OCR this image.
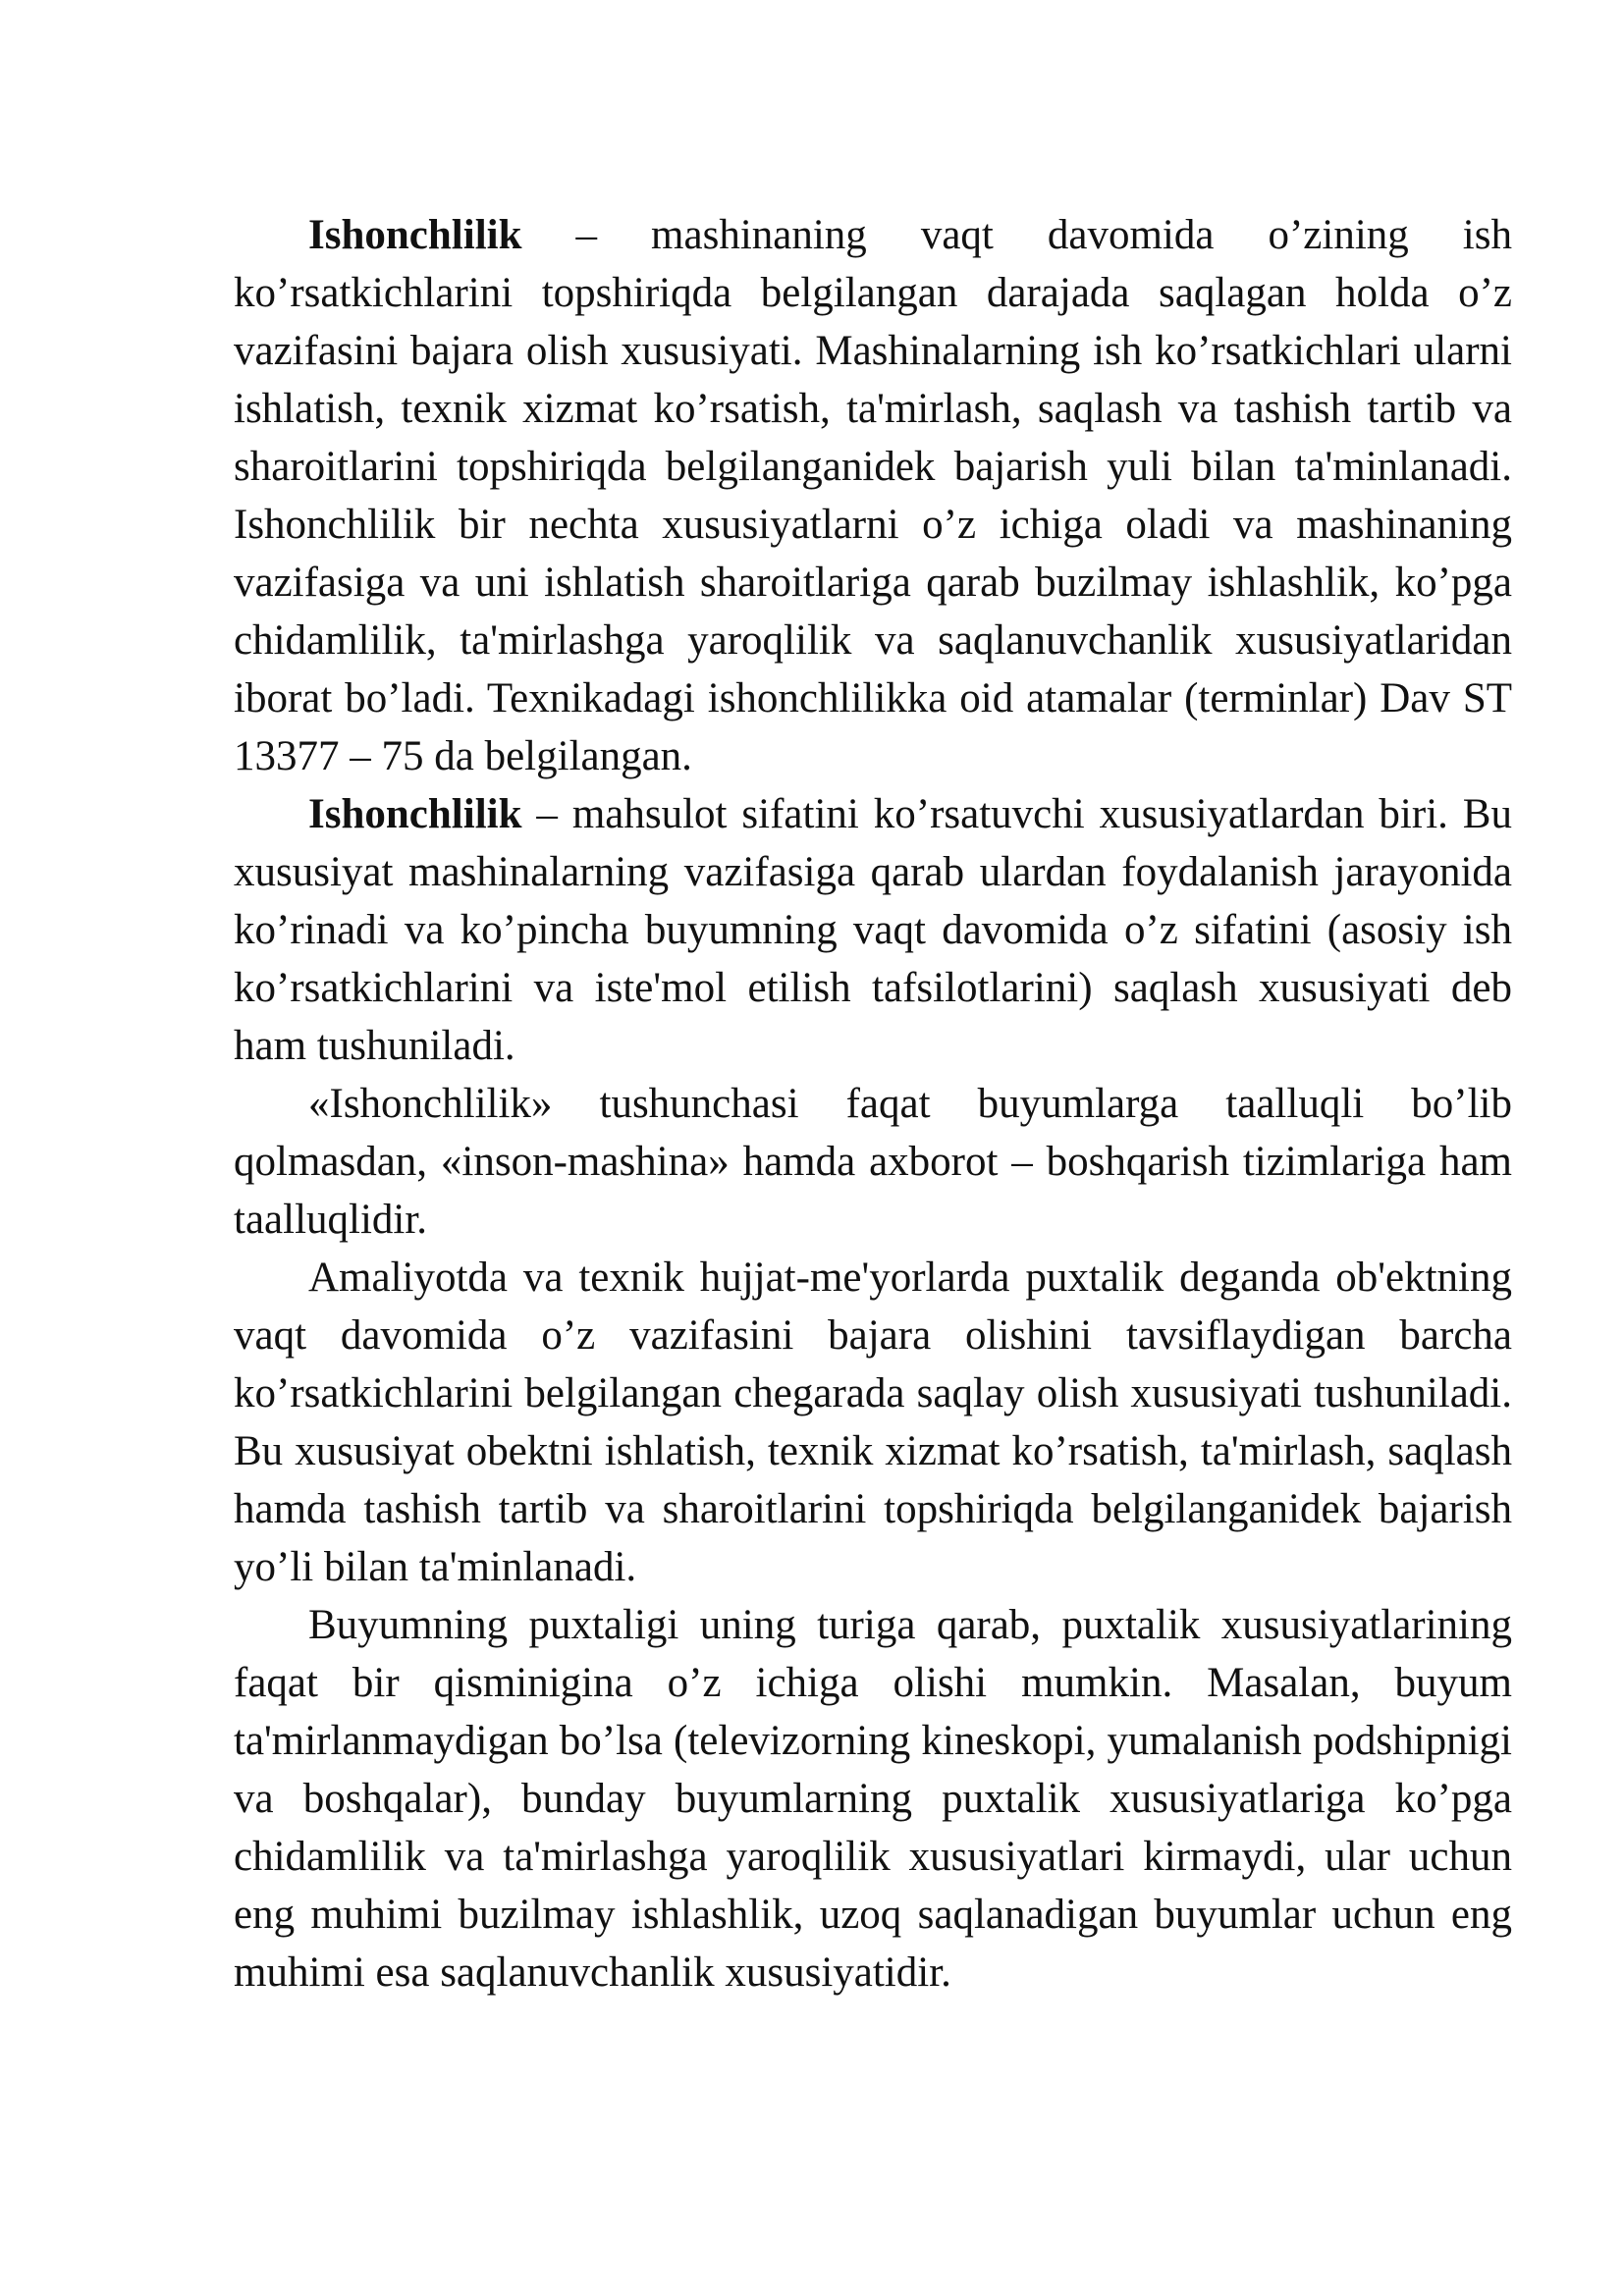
Ishonchlilik – mashinaning vaqt davomida o’zining ish ko’rsatkichlarini topshiriqda belgilangan darajada saqlagan holda o’z vazifasini bajara olish xususiyati. Mashinalarning ish ko’rsatkichlari ularni ishlatish, texnik xizmat ko’rsatish, ta'mirlash, saqlash va tashish tartib va sharoitlarini topshiriqda belgilanganidek bajarish yuli bilan ta'minlanadi. Ishonchlilik bir nechta xususiyatlarni o’z ichiga oladi va mashinaning vazifasiga va uni ishlatish sharoitlariga qarab buzilmay ishlashlik, ko’pga chidamlilik, ta'mirlashga yaroqlilik va saqlanuvchanlik xususiyatlaridan iborat bo’ladi. Texnikadagi ishonchlilikka oid atamalar (terminlar) Dav ST 13377 – 75 da belgilangan.

Ishonchlilik – mahsulot sifatini ko’rsatuvchi xususiyatlardan biri. Bu xususiyat mashinalarning vazifasiga qarab ulardan foydalanish jarayonida ko’rinadi va ko’pincha buyumning vaqt davomida o’z sifatini (asosiy ish ko’rsatkichlarini va iste'mol etilish tafsilotlarini) saqlash xususiyati deb ham tushuniladi.

«Ishonchlilik» tushunchasi faqat buyumlarga taalluqli bo’lib qolmasdan, «inson-mashina» hamda axborot – boshqarish tizimlariga ham taalluqlidir.

Amaliyotda va texnik hujjat-me'yorlarda puxtalik deganda ob'ektning vaqt davomida o’z vazifasini bajara olishini tavsiflaydigan barcha ko’rsatkichlarini belgilangan chegarada saqlay olish xususiyati tushuniladi. Bu xususiyat obektni ishlatish, texnik xizmat ko’rsatish, ta'mirlash, saqlash hamda tashish tartib va sharoitlarini topshiriqda belgilanganidek bajarish yo’li bilan ta'minlanadi.

Buyumning puxtaligi uning turiga qarab, puxtalik xususiyatlarining faqat bir qisminigina o’z ichiga olishi mumkin. Masalan, buyum ta'mirlanmaydigan bo’lsa (televizorning kineskopi, yumalanish podshipnigi va boshqalar), bunday buyumlarning puxtalik xususiyatlariga ko’pga chidamlilik va ta'mirlashga yaroqlilik xususiyatlari kirmaydi, ular uchun eng muhimi buzilmay ishlashlik, uzoq saqlanadigan buyumlar uchun eng muhimi esa saqlanuvchanlik xususiyatidir.
